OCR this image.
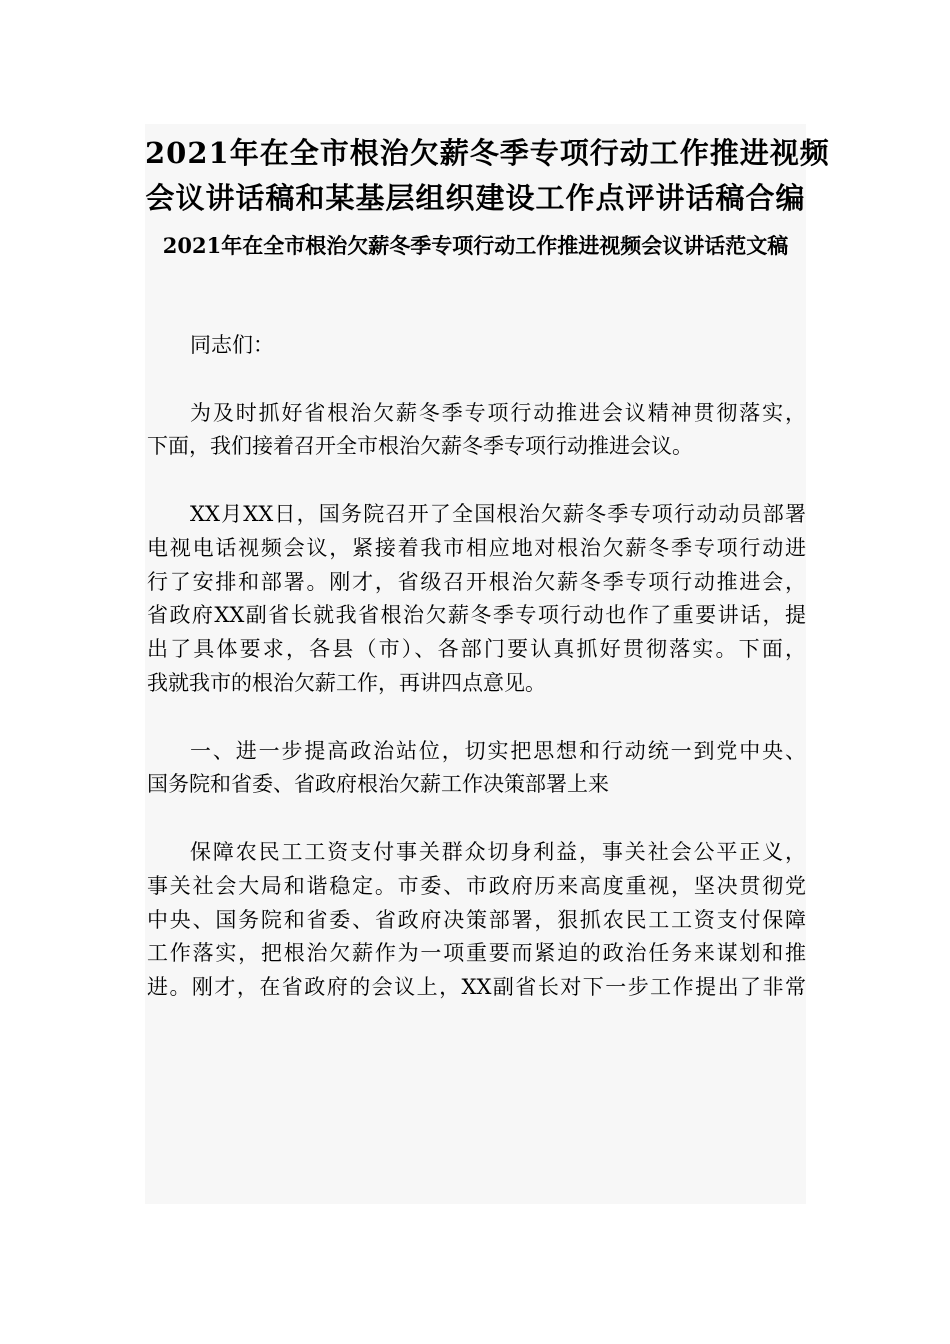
2021年在全市根治欠薪冬季专项行动工作推进视频
会议讲话稿和某基层组织建设工作点评讲话稿合编
2021年在全市根治欠薪冬季专项行动工作推进视频会议讲话范文稿
同志们：
为及时抓好省根治欠薪冬季专项行动推进会议精神贯彻落实，
下面，我们接着召开全市根治欠薪冬季专项行动推进会议。
XX月XX日，国务院召开了全国根治欠薪冬季专项行动动员部署
电视电话视频会议，紧接着我市相应地对根治欠薪冬季专项行动进
行了安排和部署。刚才，省级召开根治欠薪冬季专项行动推进会，
省政府XX副省长就我省根治欠薪冬季专项行动也作了重要讲话，提
出了具体要求，各县（市）、各部门要认真抓好贯彻落实。下面，
我就我市的根治欠薪工作，再讲四点意见。
一、进一步提高政治站位，切实把思想和行动统一到党中央、
国务院和省委、省政府根治欠薪工作决策部署上来
保障农民工工资支付事关群众切身利益，事关社会公平正义，
事关社会大局和谐稳定。市委、市政府历来高度重视，坚决贯彻党
中央、国务院和省委、省政府决策部署，狠抓农民工工资支付保障
工作落实，把根治欠薪作为一项重要而紧迫的政治任务来谋划和推
进。刚才，在省政府的会议上，XX副省长对下一步工作提出了非常
